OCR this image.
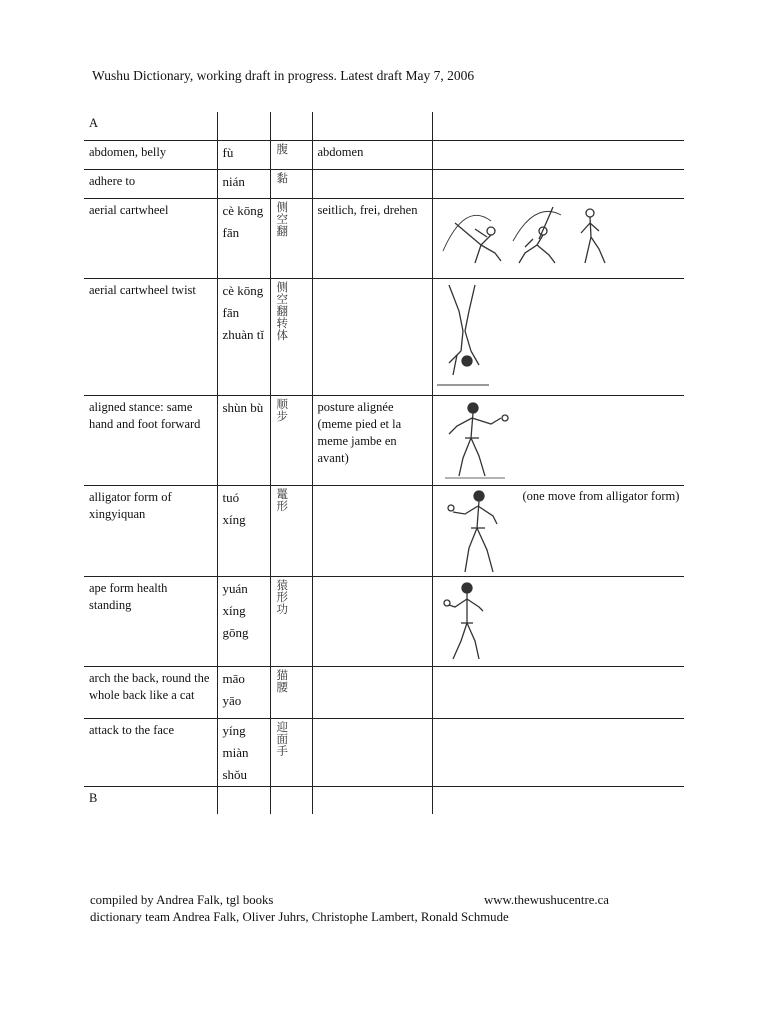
Wushu Dictionary, working draft in progress. Latest draft May 7, 2006
A				
abdomen, belly	fù	腹	abdomen	
adhere to	nián	黏		

aerial cartwheel	cè kōng fān	侧空翻	seitlich, frei, drehen	

aerial cartwheel twist	cè kōng fān zhuàn tǐ	侧空翻转体

aligned stance: same hand and foot forward	shùn bù	顺步	posture alignée (meme pied et la meme jambe en avant)	

alligator form of xingyiquan	tuó xíng	鼍形		(one move from alligator form)

ape form health standing	yuán xíng gōng	猿形功

arch the back, round the whole back like a cat	māo yāo	猫腰		

attack to the face	yíng miàn shǒu	迎面手		

B				
compiled by Andrea Falk, tgl books	www.thewushucentre.ca
dictionary team Andrea Falk, Oliver Juhrs, Christophe Lambert, Ronald Schmude
